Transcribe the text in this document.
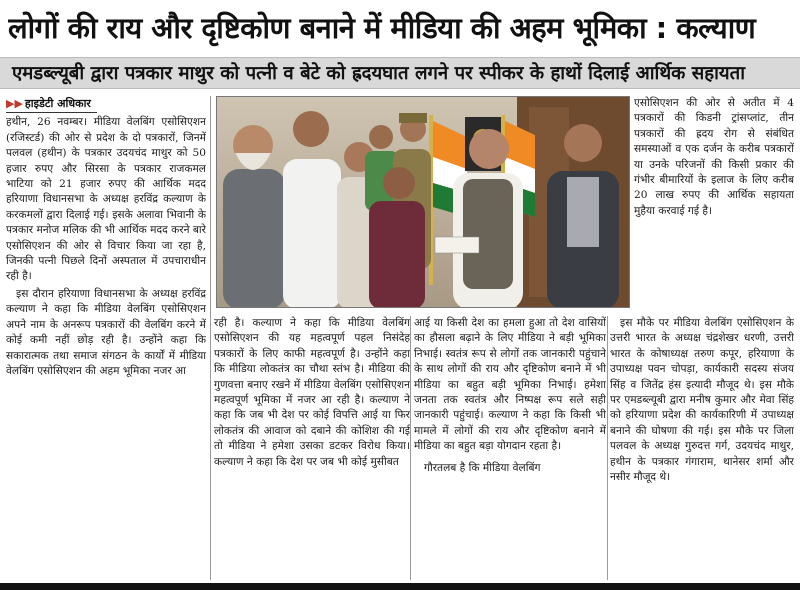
लोगों की राय और दृष्टिकोण बनाने में मीडिया की अहम भूमिका : कल्याण
एमडब्ल्यूबी द्वारा पत्रकार माथुर को पत्नी व बेटे को ह्रदयघात लगने पर स्पीकर के हाथों दिलाई आर्थिक सहायता
▶▶ हाइडेटी अधिकार

हथीन, 26 नवम्बर। मीडिया वेलबिंग एसोसिएशन (रजिस्टर्ड) की ओर से प्रदेश के दो पत्रकारों, जिनमें पलवल (हथीन) के पत्रकार उदयचंद माथुर को 50 हजार रुपए और सिरसा के पत्रकार राजकमल भाटिया को 21 हजार रुपए की आर्थिक मदद हरियाणा विधानसभा के अध्यक्ष हरविंद्र कल्याण के करकमलों द्वारा दिलाई गई। इसके अलावा भिवानी के पत्रकार मनोज मलिक की भी आर्थिक मदद करने बारे एसोसिएशन की ओर से विचार किया जा रहा है, जिनकी पत्नी पिछले दिनों अस्पताल में उपचाराधीन रही है।

इस दौरान हरियाणा विधानसभा के अध्यक्ष हरविंद्र कल्याण ने कहा कि मीडिया वेलबिंग एसोसिएशन अपने नाम के अनरूप पत्रकारों की वेलबिंग करने में कोई कमी नहीं छोड़ रही है। उन्होंने कहा कि सकारात्मक तथा समाज संगठन के कार्यों में मीडिया वेलबिंग एसोसिएशन की अहम भूमिका नजर आ

एसोसिएशन की ओर से अतीत में 4 पत्रकारों की किडनी ट्रांसप्लांट, तीन पत्रकारों की ह्रदय रोग से संबंधित समस्याओं व एक दर्जन के करीब पत्रकारों या उनके परिजनों की किसी प्रकार की गंभीर बीमारियों के इलाज के लिए करीब 20 लाख रुपए की आर्थिक सहायता मुहैया करवाई गई है।

रही है। कल्याण ने कहा कि मीडिया वेलबिंग एसोसिएशन की यह महत्वपूर्ण पहल निसंदेह पत्रकारों के लिए काफी महत्वपूर्ण है। उन्होंने कहा कि मीडिया लोकतंत्र का चौथा स्तंभ है। मीडिया की गुणवत्ता बनाए रखने में मीडिया वेलबिंग एसोसिएशन महत्वपूर्ण भूमिका में नजर आ रही है। कल्याण ने कहा कि जब भी देश पर कोई विपत्ति आई या फिर लोकतंत्र की आवाज को दबाने की कोशिश की गई तो मीडिया ने हमेशा उसका डटकर विरोध किया। कल्याण ने कहा कि देश पर जब भी कोई मुसीबत

आई या किसी देश का हमला हुआ तो देश वासियों का हौसला बढ़ाने के लिए मीडिया ने बड़ी भूमिका निभाई। स्वतंत्र रूप से लोगों तक जानकारी पहुंचाने के साथ लोगों की राय और दृष्टिकोण बनाने में भी मीडिया का बहुत बड़ी भूमिका निभाई। हमेशा जनता तक स्वतंत्र और निष्पक्ष रूप सले सही जानकारी पहुंचाई। कल्याण ने कहा कि किसी भी मामले में लोगों की राय और दृष्टिकोण बनाने में मीडिया का बहुत बड़ा योगदान रहता है।

गौरतलब है कि मीडिया वेलबिंग

इस मौके पर मीडिया वेलबिंग एसोसिएशन के उत्तरी भारत के अध्यक्ष चंद्रशेखर धरणी, उत्तरी भारत के कोषाध्यक्ष तरुण कपूर, हरियाणा के उपाध्यक्ष पवन चोपड़ा, कार्यकारी सदस्य संजय सिंह व जितेंद्र हंस इत्यादी मौजूद थे। इस मौके पर एमडब्ल्यूबी द्वारा मनीष कुमार और मेवा सिंह को हरियाणा प्रदेश की कार्यकारिणी में उपाध्यक्ष बनाने की घोषणा की गई। इस मौके पर जिला पलवल के अध्यक्ष गुरुदत्त गर्ग, उदयचंद माथुर, हथीन के पत्रकार गंगाराम, थानेसर शर्मा और नसीर मौजूद थे।
